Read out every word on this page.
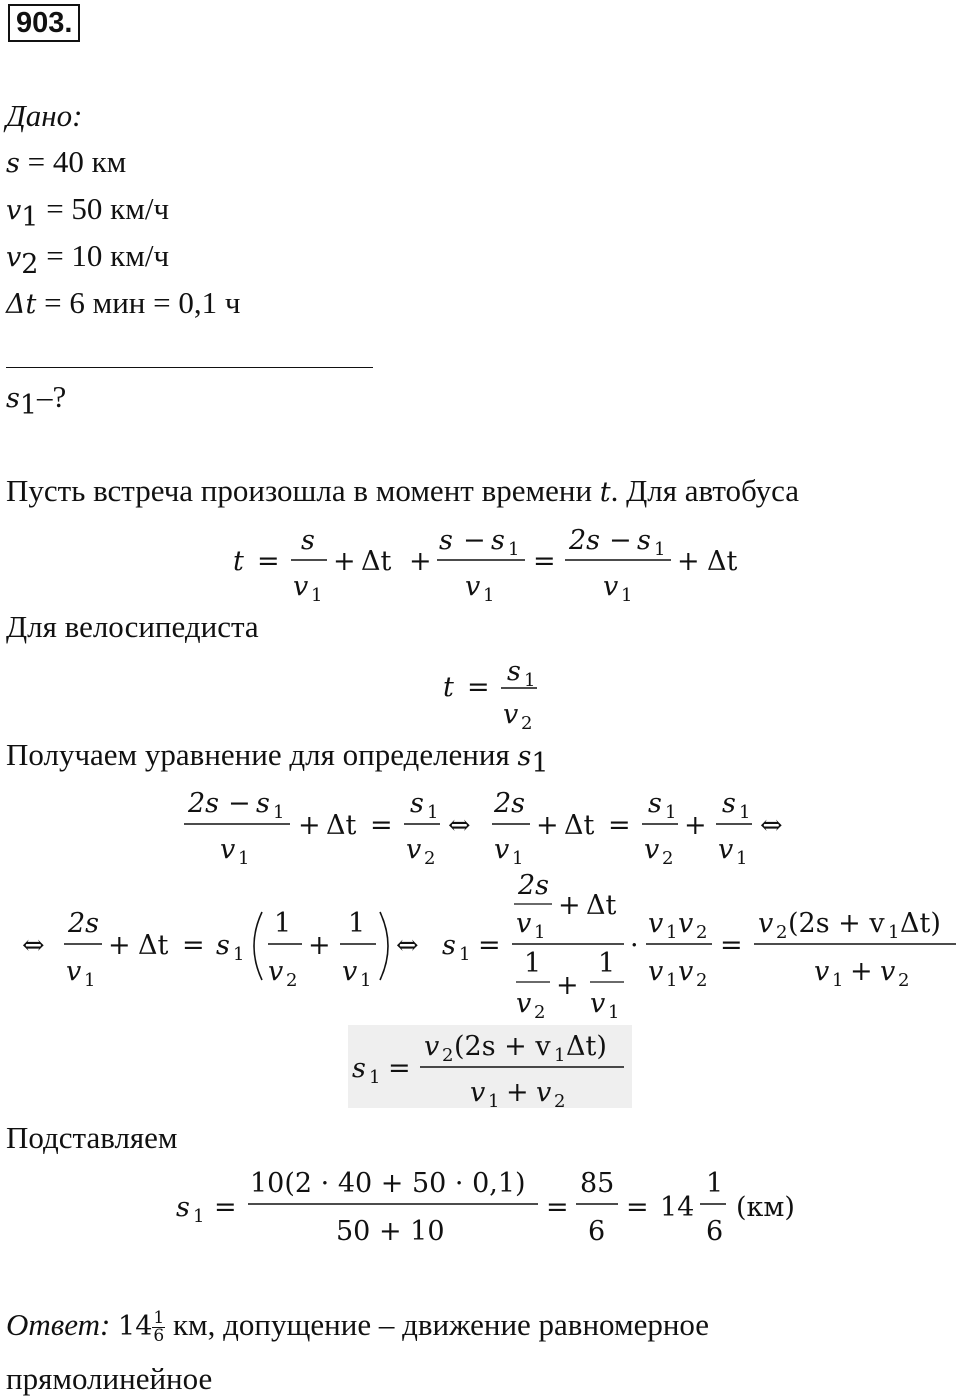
903.
Дано:
s = 40 км
$v_1 = 50$ км/ч
$v_2 = 10$ км/ч
Δt = 6 мин = 0,1 ч
$s_1-$?
Пусть встреча произошла в момент времени t. Для автобуса
t =
s
v 1
+ Δt +
s − s 1
v 1
=
2s − s 1
v 1
+ Δt
Для велосипедиста
t =
s 1
v 2
Получаем уравнение для определения $s_1$
2s − s 1
v 1
+ Δt =
s 1
v 2
⇔
2s
v 1
+ Δt =
s 1
v 2
+
s 1
v 1
⇔
⇔
2s
v 1
+ Δt = s 1
1
v 2
+
1
v 1
⇔ s 1 =
2s
v 1
+ Δt
1
v 2
+
1
v 1
·
v 1 v 2
v 1 v 2
=
v 2 (2s + v 1 Δt)
v 1 + v 2
s 1 =
v 2 (2s + v 1 Δt)
v 1 + v 2
Подставляем
s 1 =
10(2 · 40 + 50 · 0,1)
50 + 10
=
85
6
= 14
1
6
(км)
Ответ: $14 \frac{1}{6}$ км, допущение – движение равномерное
прямолинейное
